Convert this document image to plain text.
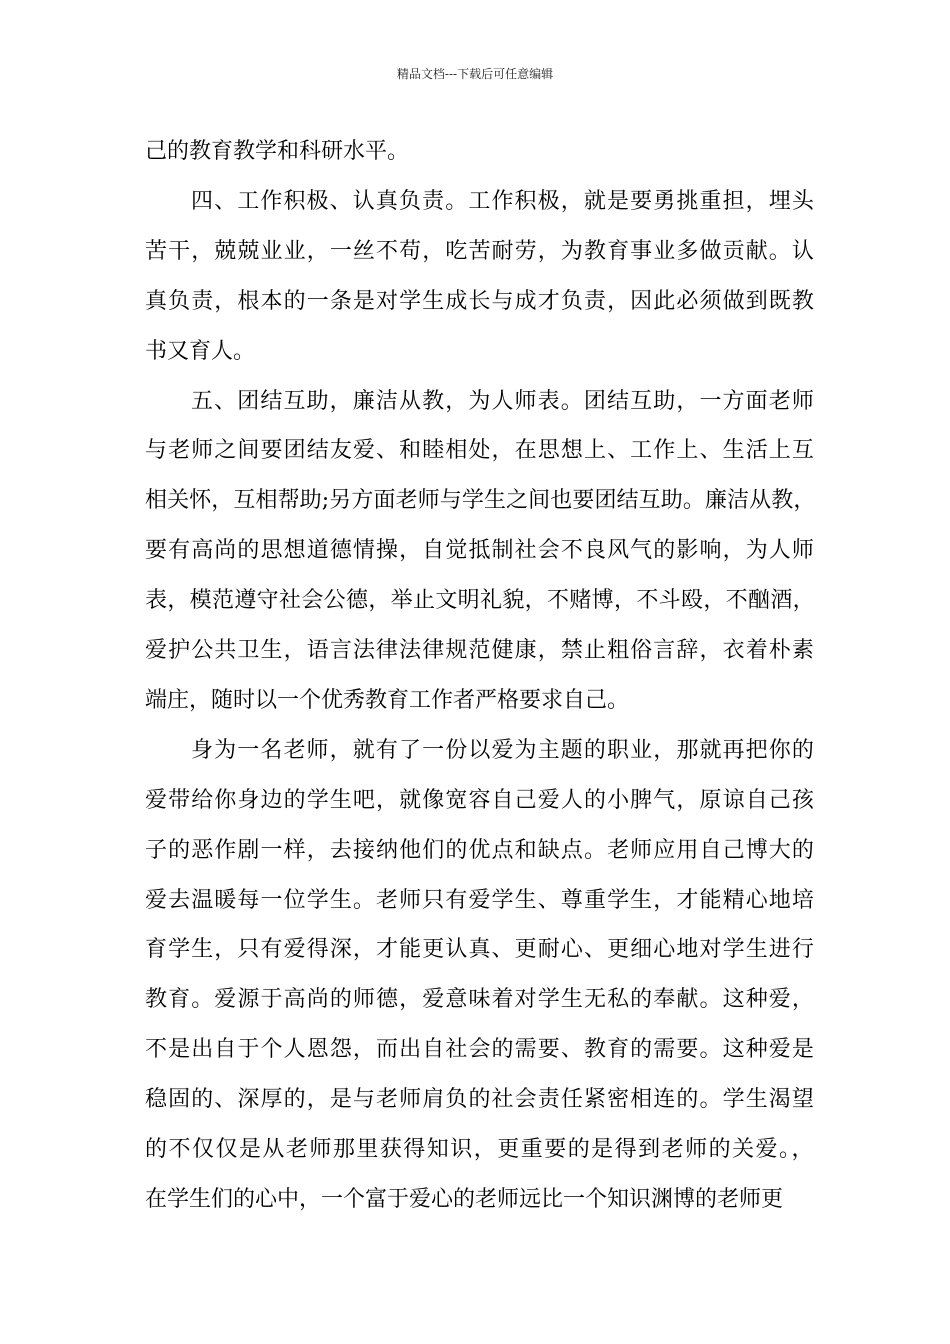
精品文档---下载后可任意编辑
己的教育教学和科研水平。
四、工作积极、认真负责。工作积极，就是要勇挑重担，埋头
苦干，兢兢业业，一丝不苟，吃苦耐劳，为教育事业多做贡献。认
真负责，根本的一条是对学生成长与成才负责，因此必须做到既教
书又育人。
五、团结互助，廉洁从教，为人师表。团结互助，一方面老师
与老师之间要团结友爱、和睦相处，在思想上、工作上、生活上互
相关怀，互相帮助;另方面老师与学生之间也要团结互助。廉洁从教，
要有高尚的思想道德情操，自觉抵制社会不良风气的影响，为人师
表，模范遵守社会公德，举止文明礼貌，不赌博，不斗殴，不酗酒，
爱护公共卫生，语言法律法律规范健康，禁止粗俗言辞，衣着朴素
端庄，随时以一个优秀教育工作者严格要求自己。
身为一名老师，就有了一份以爱为主题的职业，那就再把你的
爱带给你身边的学生吧，就像宽容自己爱人的小脾气，原谅自己孩
子的恶作剧一样，去接纳他们的优点和缺点。老师应用自己博大的
爱去温暖每一位学生。老师只有爱学生、尊重学生，才能精心地培
育学生，只有爱得深，才能更认真、更耐心、更细心地对学生进行
教育。爱源于高尚的师德，爱意味着对学生无私的奉献。这种爱，
不是出自于个人恩怨，而出自社会的需要、教育的需要。这种爱是
稳固的、深厚的，是与老师肩负的社会责任紧密相连的。学生渴望
的不仅仅是从老师那里获得知识，更重要的是得到老师的关爱。，
在学生们的心中，一个富于爱心的老师远比一个知识渊博的老师更
